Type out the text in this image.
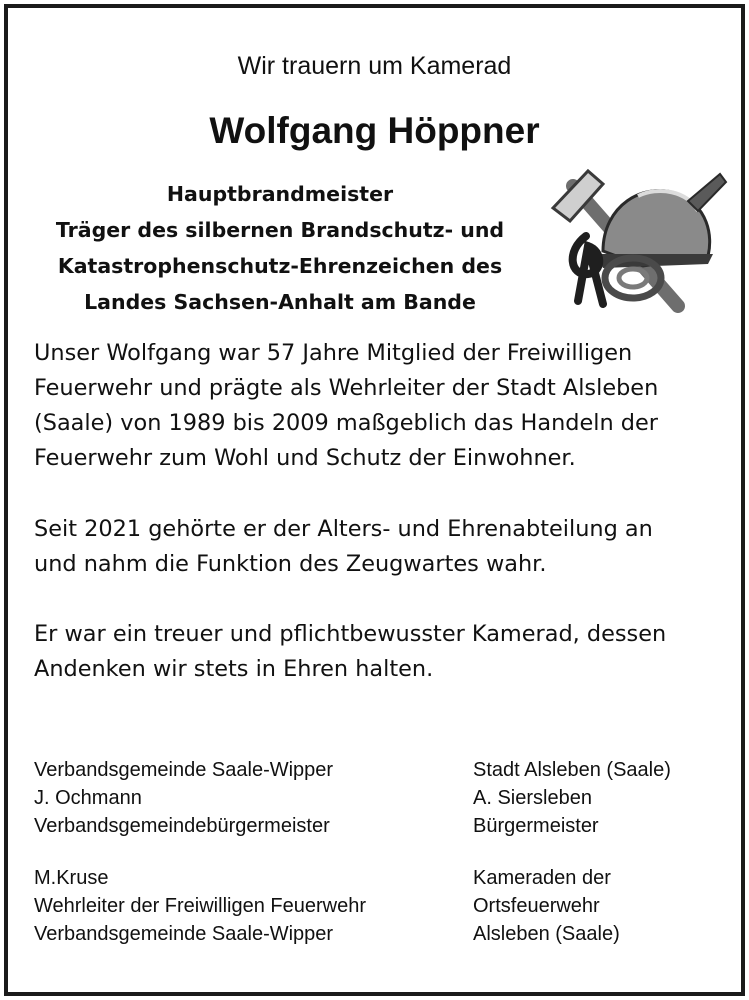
Wir trauern um Kamerad

Wolfgang Höppner
Hauptbrandmeister
Träger des silbernen Brandschutz- und
Katastrophenschutz-Ehrenzeichen des
Landes Sachsen-Anhalt am Bande
Unser Wolfgang war 57 Jahre Mitglied der Freiwilligen
Feuerwehr und prägte als Wehrleiter der Stadt Alsleben
(Saale) von 1989 bis 2009 maßgeblich das Handeln der
Feuerwehr zum Wohl und Schutz der Einwohner.
Seit 2021 gehörte er der Alters- und Ehrenabteilung an
und nahm die Funktion des Zeugwartes wahr.
Er war ein treuer und pflichtbewusster Kamerad, dessen
Andenken wir stets in Ehren halten.
Verbandsgemeinde Saale-Wipper
J. Ochmann
Verbandsgemeindebürgermeister
Stadt Alsleben (Saale)
A. Siersleben
Bürgermeister
M.Kruse
Wehrleiter der Freiwilligen Feuerwehr
Verbandsgemeinde Saale-Wipper
Kameraden der
Ortsfeuerwehr
Alsleben (Saale)
